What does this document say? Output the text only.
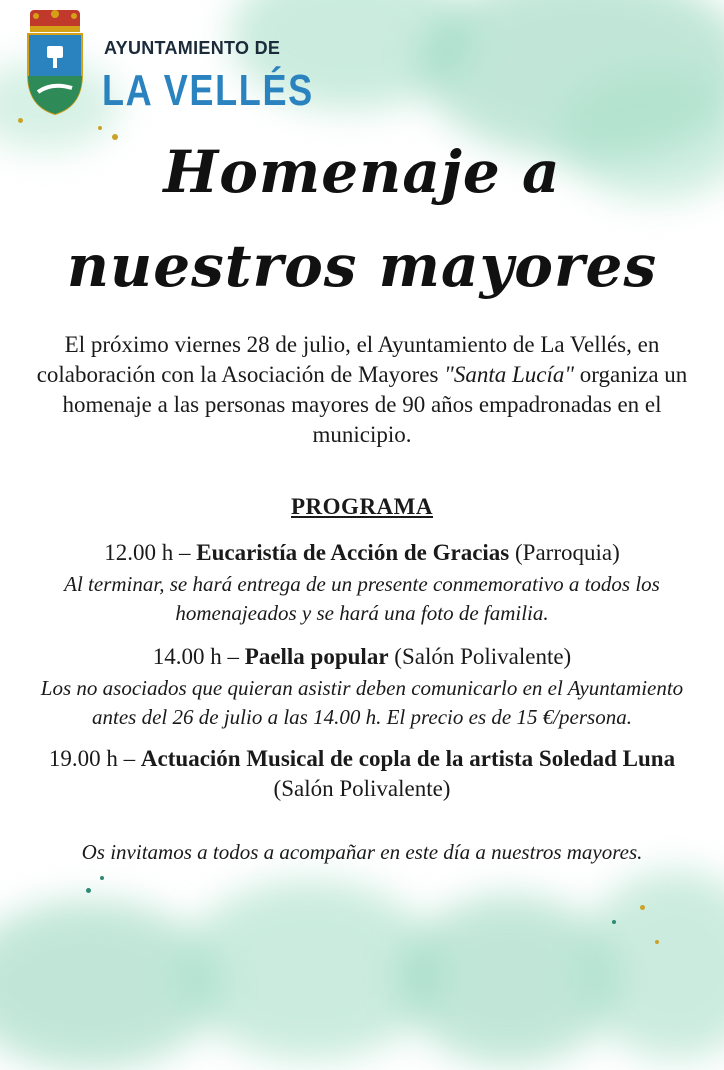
AYUNTAMIENTO DE
LA VELLÉS
Homenaje a
nuestros mayores

El próximo viernes 28 de julio, el Ayuntamiento de La Vellés, en colaboración con la Asociación de Mayores "Santa Lucía" organiza un homenaje a las personas mayores de 90 años empadronadas en el municipio.

PROGRAMA

12.00 h – Eucaristía de Acción de Gracias (Parroquia)

Al terminar, se hará entrega de un presente conmemorativo a todos los homenajeados y se hará una foto de familia.

14.00 h – Paella popular (Salón Polivalente)

Los no asociados que quieran asistir deben comunicarlo en el Ayuntamiento antes del 26 de julio a las 14.00 h. El precio es de 15 €/persona.

19.00 h – Actuación Musical de copla de la artista Soledad Luna
(Salón Polivalente)

Os invitamos a todos a acompañar en este día a nuestros mayores.
